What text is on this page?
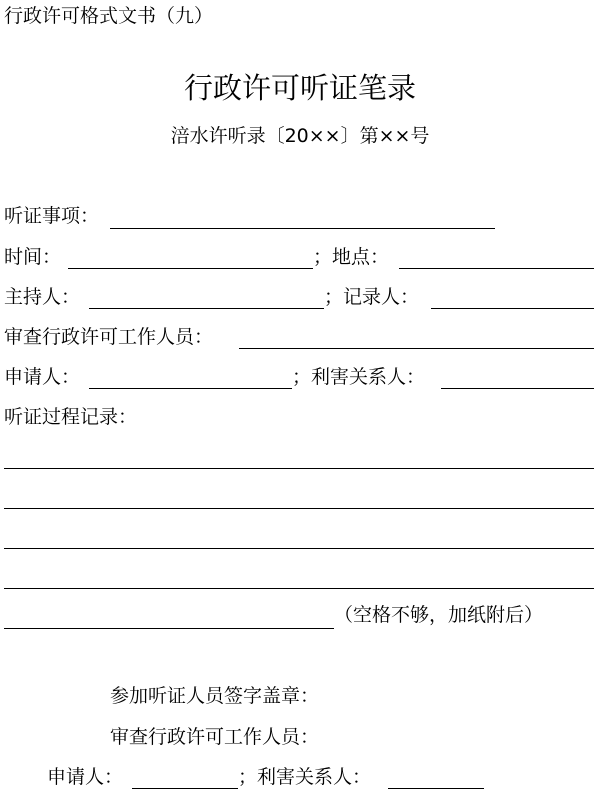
行政许可格式文书（九）
行政许可听证笔录
涪水许听录〔20××〕第××号
听证事项：
时间：	；地点：
主持人：	；记录人：
审查行政许可工作人员：
申请人：	；利害关系人：
听证过程记录：
（空格不够，加纸附后）
参加听证人员签字盖章：
审查行政许可工作人员：
申请人：	；利害关系人：
